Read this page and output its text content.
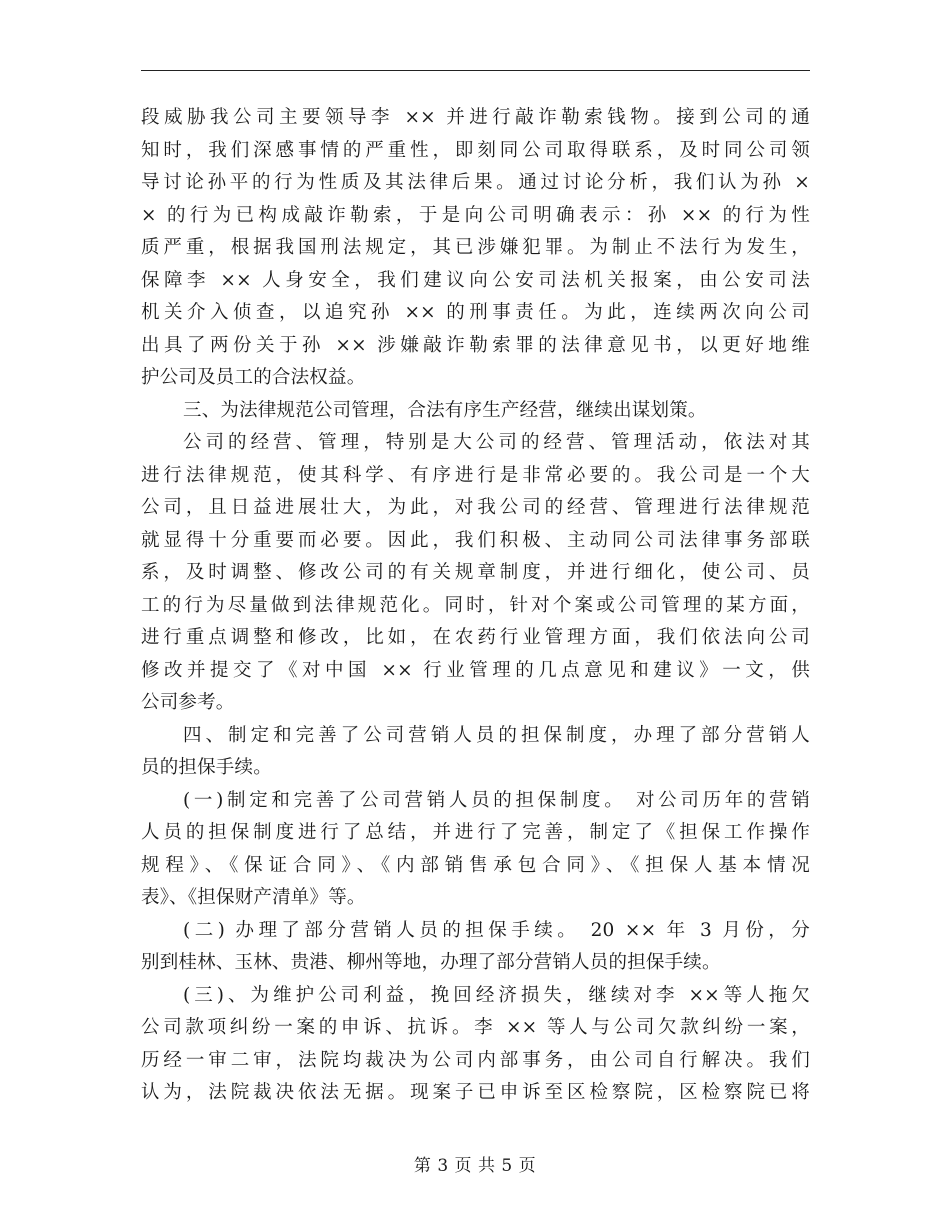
段威胁我公司主要领导李 ×× 并进行敲诈勒索钱物。接到公司的通
知时，我们深感事情的严重性，即刻同公司取得联系，及时同公司领
导讨论孙平的行为性质及其法律后果。通过讨论分析，我们认为孙 ×
× 的行为已构成敲诈勒索，于是向公司明确表示：孙 ×× 的行为性
质严重，根据我国刑法规定，其已涉嫌犯罪。为制止不法行为发生，
保障李 ×× 人身安全，我们建议向公安司法机关报案，由公安司法
机关介入侦查，以追究孙 ×× 的刑事责任。为此，连续两次向公司
出具了两份关于孙 ×× 涉嫌敲诈勒索罪的法律意见书，以更好地维
护公司及员工的合法权益。
三、为法律规范公司管理，合法有序生产经营，继续出谋划策。
公司的经营、管理，特别是大公司的经营、管理活动，依法对其
进行法律规范，使其科学、有序进行是非常必要的。我公司是一个大
公司，且日益进展壮大，为此，对我公司的经营、管理进行法律规范
就显得十分重要而必要。因此，我们积极、主动同公司法律事务部联
系，及时调整、修改公司的有关规章制度，并进行细化，使公司、员
工的行为尽量做到法律规范化。同时，针对个案或公司管理的某方面，
进行重点调整和修改，比如，在农药行业管理方面，我们依法向公司
修改并提交了《对中国 ×× 行业管理的几点意见和建议》一文，供
公司参考。
四、制定和完善了公司营销人员的担保制度，办理了部分营销人
员的担保手续。
(一)制定和完善了公司营销人员的担保制度。 对公司历年的营销
人员的担保制度进行了总结，并进行了完善，制定了《担保工作操作
规程》、《保证合同》、《内部销售承包合同》、《担保人基本情况
表》、《担保财产清单》等。
(二) 办理了部分营销人员的担保手续。 20 ×× 年 3 月份，分
别到桂林、玉林、贵港、柳州等地，办理了部分营销人员的担保手续。
(三)、为维护公司利益，挽回经济损失，继续对李 ××等人拖欠
公司款项纠纷一案的申诉、抗诉。李 ×× 等人与公司欠款纠纷一案，
历经一审二审，法院均裁决为公司内部事务，由公司自行解决。我们
认为，法院裁决依法无据。现案子已申诉至区检察院，区检察院已将
第 3 页 共 5 页
